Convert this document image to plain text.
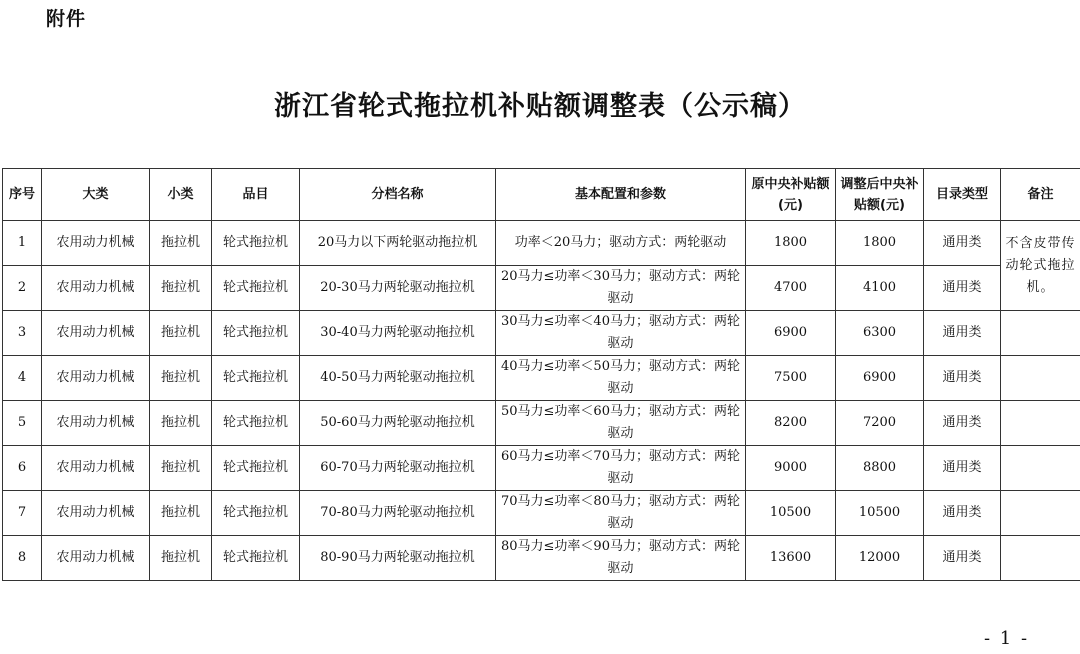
附件
浙江省轮式拖拉机补贴额调整表（公示稿）
序号	大类	小类	品目	分档名称	基本配置和参数	原中央补贴额(元)	调整后中央补贴额(元)	目录类型	备注
1	农用动力机械	拖拉机	轮式拖拉机	20马力以下两轮驱动拖拉机	功率＜20马力；驱动方式：两轮驱动	1800	1800	通用类	不含皮带传动轮式拖拉机。
2	农用动力机械	拖拉机	轮式拖拉机	20-30马力两轮驱动拖拉机	20马力≤功率＜30马力；驱动方式：两轮驱动	4700	4100	通用类	
3	农用动力机械	拖拉机	轮式拖拉机	30-40马力两轮驱动拖拉机	30马力≤功率＜40马力；驱动方式：两轮驱动	6900	6300	通用类	
4	农用动力机械	拖拉机	轮式拖拉机	40-50马力两轮驱动拖拉机	40马力≤功率＜50马力；驱动方式：两轮驱动	7500	6900	通用类	
5	农用动力机械	拖拉机	轮式拖拉机	50-60马力两轮驱动拖拉机	50马力≤功率＜60马力；驱动方式：两轮驱动	8200	7200	通用类	
6	农用动力机械	拖拉机	轮式拖拉机	60-70马力两轮驱动拖拉机	60马力≤功率＜70马力；驱动方式：两轮驱动	9000	8800	通用类	
7	农用动力机械	拖拉机	轮式拖拉机	70-80马力两轮驱动拖拉机	70马力≤功率＜80马力；驱动方式：两轮驱动	10500	10500	通用类	
8	农用动力机械	拖拉机	轮式拖拉机	80-90马力两轮驱动拖拉机	80马力≤功率＜90马力；驱动方式：两轮驱动	13600	12000	通用类	
- 1 -
